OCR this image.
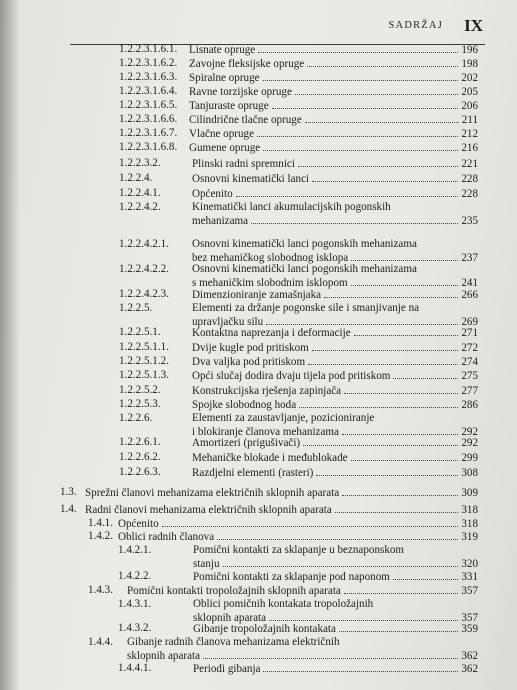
SADRŽAJ IX
1.2.2.3.1.6.1. Lisnate opruge	196
1.2.2.3.1.6.2. Zavojne fleksijske opruge	198
1.2.2.3.1.6.3. Spiralne opruge	202
1.2.2.3.1.6.4. Ravne torzijske opruge	205
1.2.2.3.1.6.5. Tanjuraste opruge	206
1.2.2.3.1.6.6. Cilindrične tlačne opruge	211
1.2.2.3.1.6.7. Vlačne opruge	212
1.2.2.3.1.6.8. Gumene opruge	216
1.2.2.3.2.	Plinski radni spremnici	221
1.2.2.4.	Osnovni kinematički lanci	228
1.2.2.4.1.	Općenito	228
1.2.2.4.2.	Kinematički lanci akumulacijskih pogonskih
mehanizama	235
1.2.2.4.2.1. Osnovni kinematički lanci pogonskih mehanizama
bez mehaničkog slobodnog isklopa	237
1.2.2.4.2.2. Osnovni kinematički lanci pogonskih mehanizama
s mehaničkim slobodnim isklopom	241
1.2.2.4.2.3. Dimenzioniranje zamašnjaka	266
1.2.2.5.	Elementi za držanje pogonske sile i smanjivanje na
upravljačku silu	269
1.2.2.5.1.	Kontaktna naprezanja i deformacije	271
1.2.2.5.1.1. Dvije kugle pod pritiskom	272
1.2.2.5.1.2. Dva valjka pod pritiskom	274
1.2.2.5.1.3. Opći slučaj dodira dvaju tijela pod pritiskom	275
1.2.2.5.2.	Konstrukcijska rješenja zapinjača	277
1.2.2.5.3.	Spojke slobodnog hoda	286
1.2.2.6.	Elementi za zaustavljanje, pozicioniranje
i blokiranje članova mehanizama	292
1.2.2.6.1.	Amortizeri (prigušivači)	292
1.2.2.6.2.	Mehaničke blokade i međublokade	299
1.2.2.6.3.	Razdjelni elementi (rasteri)	308
1.3. Sprežni članovi mehanizama električnih sklopnih aparata	309
1.4. Radni članovi mehanizama električnih sklopnih aparata	318
1.4.1. Općenito	318
1.4.2. Oblici radnih članova	319
1.4.2.1.	Pomični kontakti za sklapanje u beznaponskom
stanju	320
1.4.2.2.	Pomični kontakti za sklapanje pod naponom	331
1.4.3. Pomični kontakti tropoložajnih sklopnih aparata	357
1.4.3.1.	Oblici pomičnih kontakata tropoložajnih
sklopnih aparata	357
1.4.3.2.	Gibanje tropoložajnih kontakata	359
1.4.4. Gibanje radnih članova mehanizama električnih
sklopnih aparata	362
1.4.4.1.	Periodi gibanja	362
